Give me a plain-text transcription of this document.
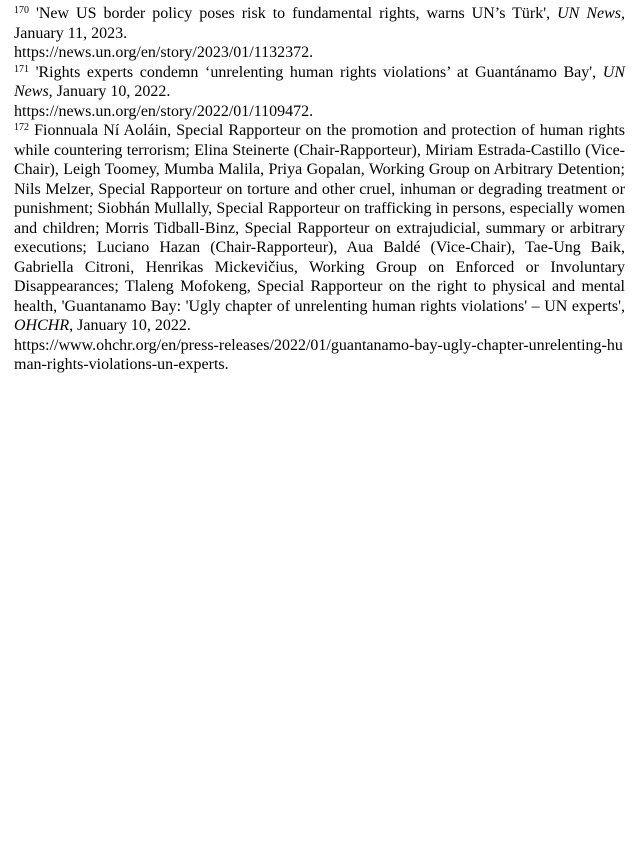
$^{170}$ 'New US border policy poses risk to fundamental rights, warns UN’s Türk', UN News, January 11, 2023.
https://news.un.org/en/story/2023/01/1132372.

$^{171}$ 'Rights experts condemn ‘unrelenting human rights violations’ at Guantánamo Bay', UN News, January 10, 2022.
https://news.un.org/en/story/2022/01/1109472.

$^{172}$ Fionnuala Ní Aoláin, Special Rapporteur on the promotion and protection of human rights while countering terrorism; Elina Steinerte (Chair-Rapporteur), Miriam Estrada-Castillo (Vice-Chair), Leigh Toomey, Mumba Malila, Priya Gopalan, Working Group on Arbitrary Detention; Nils Melzer, Special Rapporteur on torture and other cruel, inhuman or degrading treatment or punishment; Siobhán Mullally, Special Rapporteur on trafficking in persons, especially women and children; Morris Tidball-Binz, Special Rapporteur on extrajudicial, summary or arbitrary executions; Luciano Hazan (Chair-Rapporteur), Aua Baldé (Vice-Chair), Tae-Ung Baik, Gabriella Citroni, Henrikas Mickevičius, Working Group on Enforced or Involuntary Disappearances; Tlaleng Mofokeng, Special Rapporteur on the right to physical and mental health, 'Guantanamo Bay: 'Ugly chapter of unrelenting human rights violations' – UN experts', OHCHR, January 10, 2022.
https://www.ohchr.org/en/press-releases/2022/01/guantanamo-bay-ugly-chapter-unrelenting-human-rights-violations-un-experts.
